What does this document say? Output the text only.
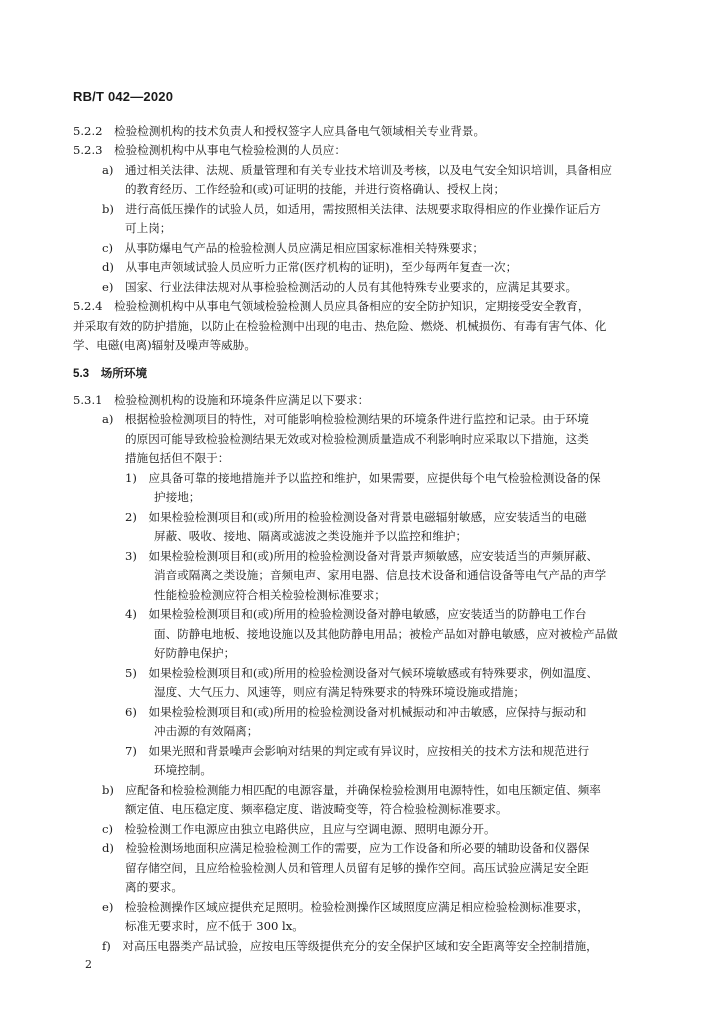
RB/T 042—2020
5.2.2　检验检测机构的技术负责人和授权签字人应具备电气领域相关专业背景。
5.2.3　检验检测机构中从事电气检验检测的人员应：
a)　通过相关法律、法规、质量管理和有关专业技术培训及考核，以及电气安全知识培训，具备相应
的教育经历、工作经验和(或)可证明的技能，并进行资格确认、授权上岗；
b)　进行高低压操作的试验人员，如适用，需按照相关法律、法规要求取得相应的作业操作证后方
可上岗；
c)　从事防爆电气产品的检验检测人员应满足相应国家标准相关特殊要求；
d)　从事电声领域试验人员应听力正常(医疗机构的证明)，至少每两年复查一次；
e)　国家、行业法律法规对从事检验检测活动的人员有其他特殊专业要求的，应满足其要求。
5.2.4　检验检测机构中从事电气领域检验检测人员应具备相应的安全防护知识，定期接受安全教育，
并采取有效的防护措施，以防止在检验检测中出现的电击、热危险、燃烧、机械损伤、有毒有害气体、化
学、电磁(电离)辐射及噪声等威胁。
5.3　场所环境
5.3.1　检验检测机构的设施和环境条件应满足以下要求：
a)　根据检验检测项目的特性，对可能影响检验检测结果的环境条件进行监控和记录。由于环境
的原因可能导致检验检测结果无效或对检验检测质量造成不利影响时应采取以下措施，这类
措施包括但不限于：
1)　应具备可靠的接地措施并予以监控和维护，如果需要，应提供每个电气检验检测设备的保
护接地；
2)　如果检验检测项目和(或)所用的检验检测设备对背景电磁辐射敏感，应安装适当的电磁
屏蔽、吸收、接地、隔离或滤波之类设施并予以监控和维护；
3)　如果检验检测项目和(或)所用的检验检测设备对背景声频敏感，应安装适当的声频屏蔽、
消音或隔离之类设施；音频电声、家用电器、信息技术设备和通信设备等电气产品的声学
性能检验检测应符合相关检验检测标准要求；
4)　如果检验检测项目和(或)所用的检验检测设备对静电敏感，应安装适当的防静电工作台
面、防静电地板、接地设施以及其他防静电用品；被检产品如对静电敏感，应对被检产品做
好防静电保护；
5)　如果检验检测项目和(或)所用的检验检测设备对气候环境敏感或有特殊要求，例如温度、
湿度、大气压力、风速等，则应有满足特殊要求的特殊环境设施或措施；
6)　如果检验检测项目和(或)所用的检验检测设备对机械振动和冲击敏感，应保持与振动和
冲击源的有效隔离；
7)　如果光照和背景噪声会影响对结果的判定或有异议时，应按相关的技术方法和规范进行
环境控制。
b)　应配备和检验检测能力相匹配的电源容量，并确保检验检测用电源特性，如电压额定值、频率
额定值、电压稳定度、频率稳定度、谐波畸变等，符合检验检测标准要求。
c)　检验检测工作电源应由独立电路供应，且应与空调电源、照明电源分开。
d)　检验检测场地面积应满足检验检测工作的需要，应为工作设备和所必要的辅助设备和仪器保
留存储空间，且应给检验检测人员和管理人员留有足够的操作空间。高压试验应满足安全距
离的要求。
e)　检验检测操作区域应提供充足照明。检验检测操作区域照度应满足相应检验检测标准要求，
标准无要求时，应不低于 300 lx。
f)　对高压电器类产品试验，应按电压等级提供充分的安全保护区域和安全距离等安全控制措施，
2
